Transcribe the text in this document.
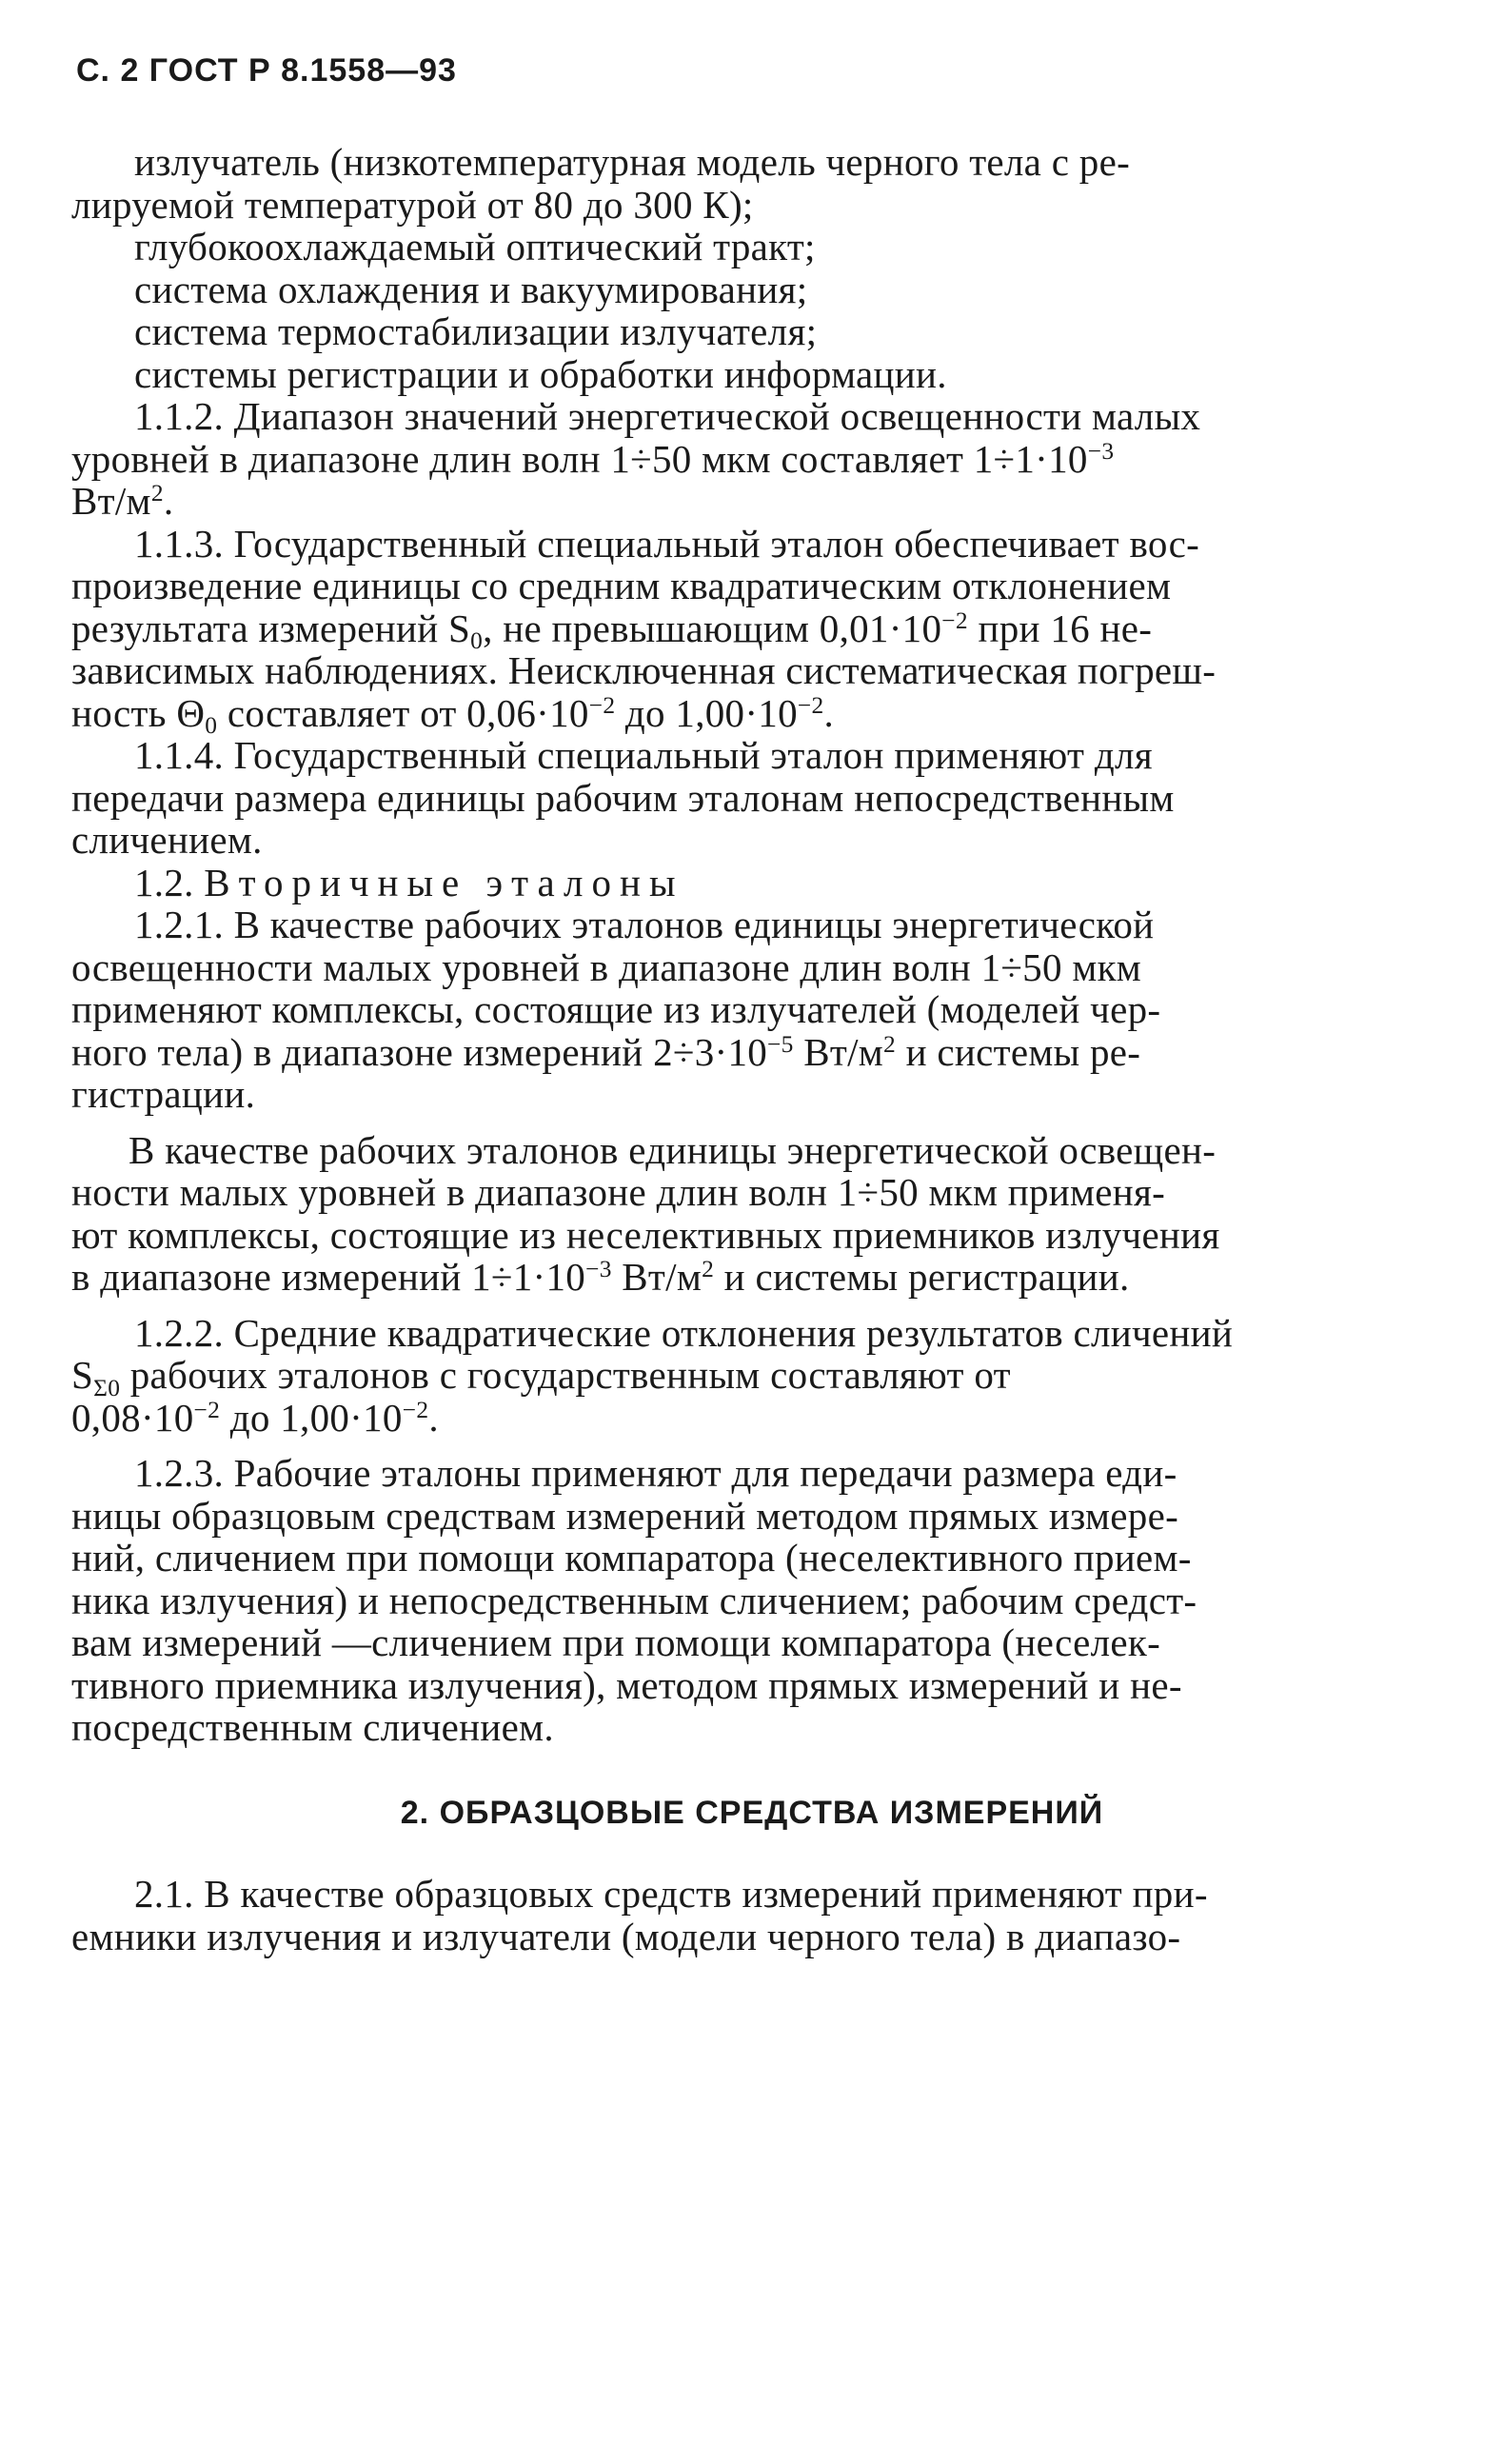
С. 2 ГОСТ Р 8.1558—93
излучатель (низкотемпературная модель черного тела с ре-
лируемой температурой от 80 до 300 К);
глубокоохлаждаемый оптический тракт;
система охлаждения и вакуумирования;
система термостабилизации излучателя;
системы регистрации и обработки информации.
1.1.2. Диапазон значений энергетической освещенности малых
уровней в диапазоне длин волн 1÷50 мкм составляет $1\div 1\cdot 10^{-3}$
$Вт/м^2$.
1.1.3. Государственный специальный эталон обеспечивает вос-
произведение единицы со средним квадратическим отклонением
результата измерений $S_0$, не превышающим $0,01\cdot 10^{-2}$ при 16 не-
зависимых наблюдениях. Неисключенная систематическая погреш-
ность $\Theta_0$ составляет от $0,06\cdot 10^{-2}$ до $1,00\cdot 10^{-2}$.
1.1.4. Государственный специальный эталон применяют для
передачи размера единицы рабочим эталонам непосредственным
сличением.
1.2. Вторичные эталоны
1.2.1. В качестве рабочих эталонов единицы энергетической
освещенности малых уровней в диапазоне длин волн 1÷50 мкм
применяют комплексы, состоящие из излучателей (моделей чер-
ного тела) в диапазоне измерений $2\div 3\cdot 10^{-5}$ $Вт/м^2$ и системы ре-
гистрации.
В качестве рабочих эталонов единицы энергетической освещен-
ности малых уровней в диапазоне длин волн 1÷50 мкм применя-
ют комплексы, состоящие из неселективных приемников излучения
в диапазоне измерений $1\div 1\cdot 10^{-3}$ $Вт/м^2$ и системы регистрации.
1.2.2. Средние квадратические отклонения результатов сличений
$S_{\Sigma 0}$ рабочих эталонов с государственным составляют от
$0,08\cdot 10^{-2}$ до $1,00\cdot 10^{-2}$.
1.2.3. Рабочие эталоны применяют для передачи размера еди-
ницы образцовым средствам измерений методом прямых измере-
ний, сличением при помощи компаратора (неселективного прием-
ника излучения) и непосредственным сличением; рабочим средст-
вам измерений —сличением при помощи компаратора (неселек-
тивного приемника излучения), методом прямых измерений и не-
посредственным сличением.
2. ОБРАЗЦОВЫЕ СРЕДСТВА ИЗМЕРЕНИЙ
2.1. В качестве образцовых средств измерений применяют при-
емники излучения и излучатели (модели черного тела) в диапазо-
